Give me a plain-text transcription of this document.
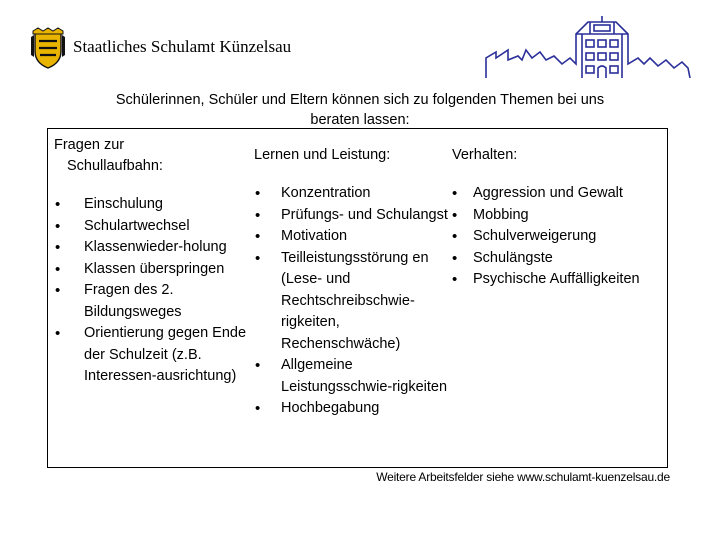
Staatliches Schulamt Künzelsau
Schülerinnen, Schüler und Eltern können sich zu folgenden Themen bei uns
beraten lassen:
Fragen zur
Schullaufbahn:
• Einschulung
• Schulartwechsel
• Klassenwieder-holung
• Klassen überspringen
• Fragen des 2. Bildungsweges
• Orientierung gegen Ende der Schulzeit (z.B. Interessen-ausrichtung)
Lernen und Leistung:
• Konzentration
• Prüfungs- und Schulangst
• Motivation
• Teilleistungsstörung en (Lese- und Rechtschreibschwie-rigkeiten, Rechenschwäche)
• Allgemeine Leistungsschwie-rigkeiten
• Hochbegabung
Verhalten:
• Aggression und Gewalt
• Mobbing
• Schulverweigerung
• Schulängste
• Psychische Auffälligkeiten
Weitere Arbeitsfelder siehe www.schulamt-kuenzelsau.de
